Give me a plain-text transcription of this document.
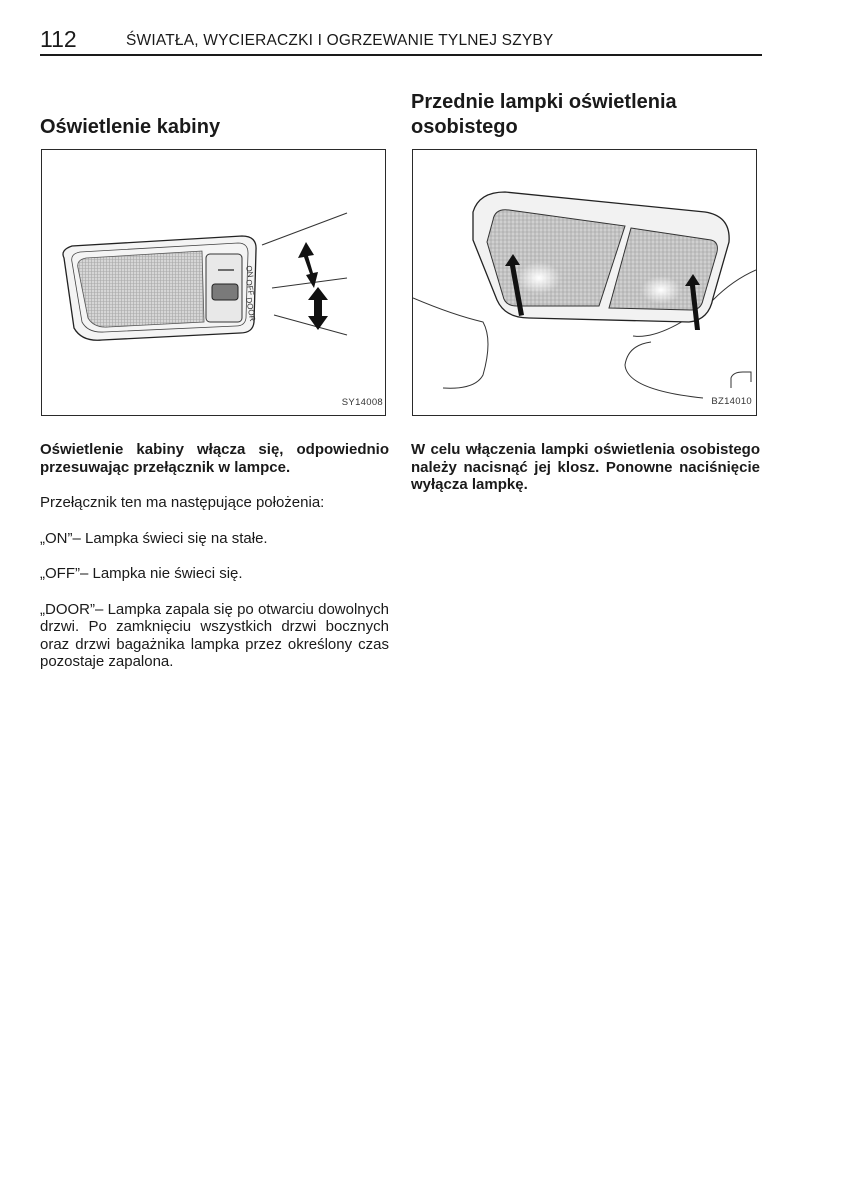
112	ŚWIATŁA, WYCIERACZKI I OGRZEWANIE TYLNEJ SZYBY
Oświetlenie kabiny
Przednie lampki oświetlenia osobistego
ON
OFF
DOOR
SY14008	BZ14010

Oświetlenie kabiny włącza się, odpowiednio przesuwając przełącznik w lampce.

Przełącznik ten ma następujące położenia:

„ON”– Lampka świeci się na stałe.

„OFF”– Lampka nie świeci się.

„DOOR”– Lampka zapala się po otwarciu dowolnych drzwi. Po zamknięciu wszystkich drzwi bocznych oraz drzwi bagażnika lampka przez określony czas pozostaje zapalona.

W celu włączenia lampki oświetlenia osobistego należy nacisnąć jej klosz. Ponowne naciśnięcie wyłącza lampkę.
